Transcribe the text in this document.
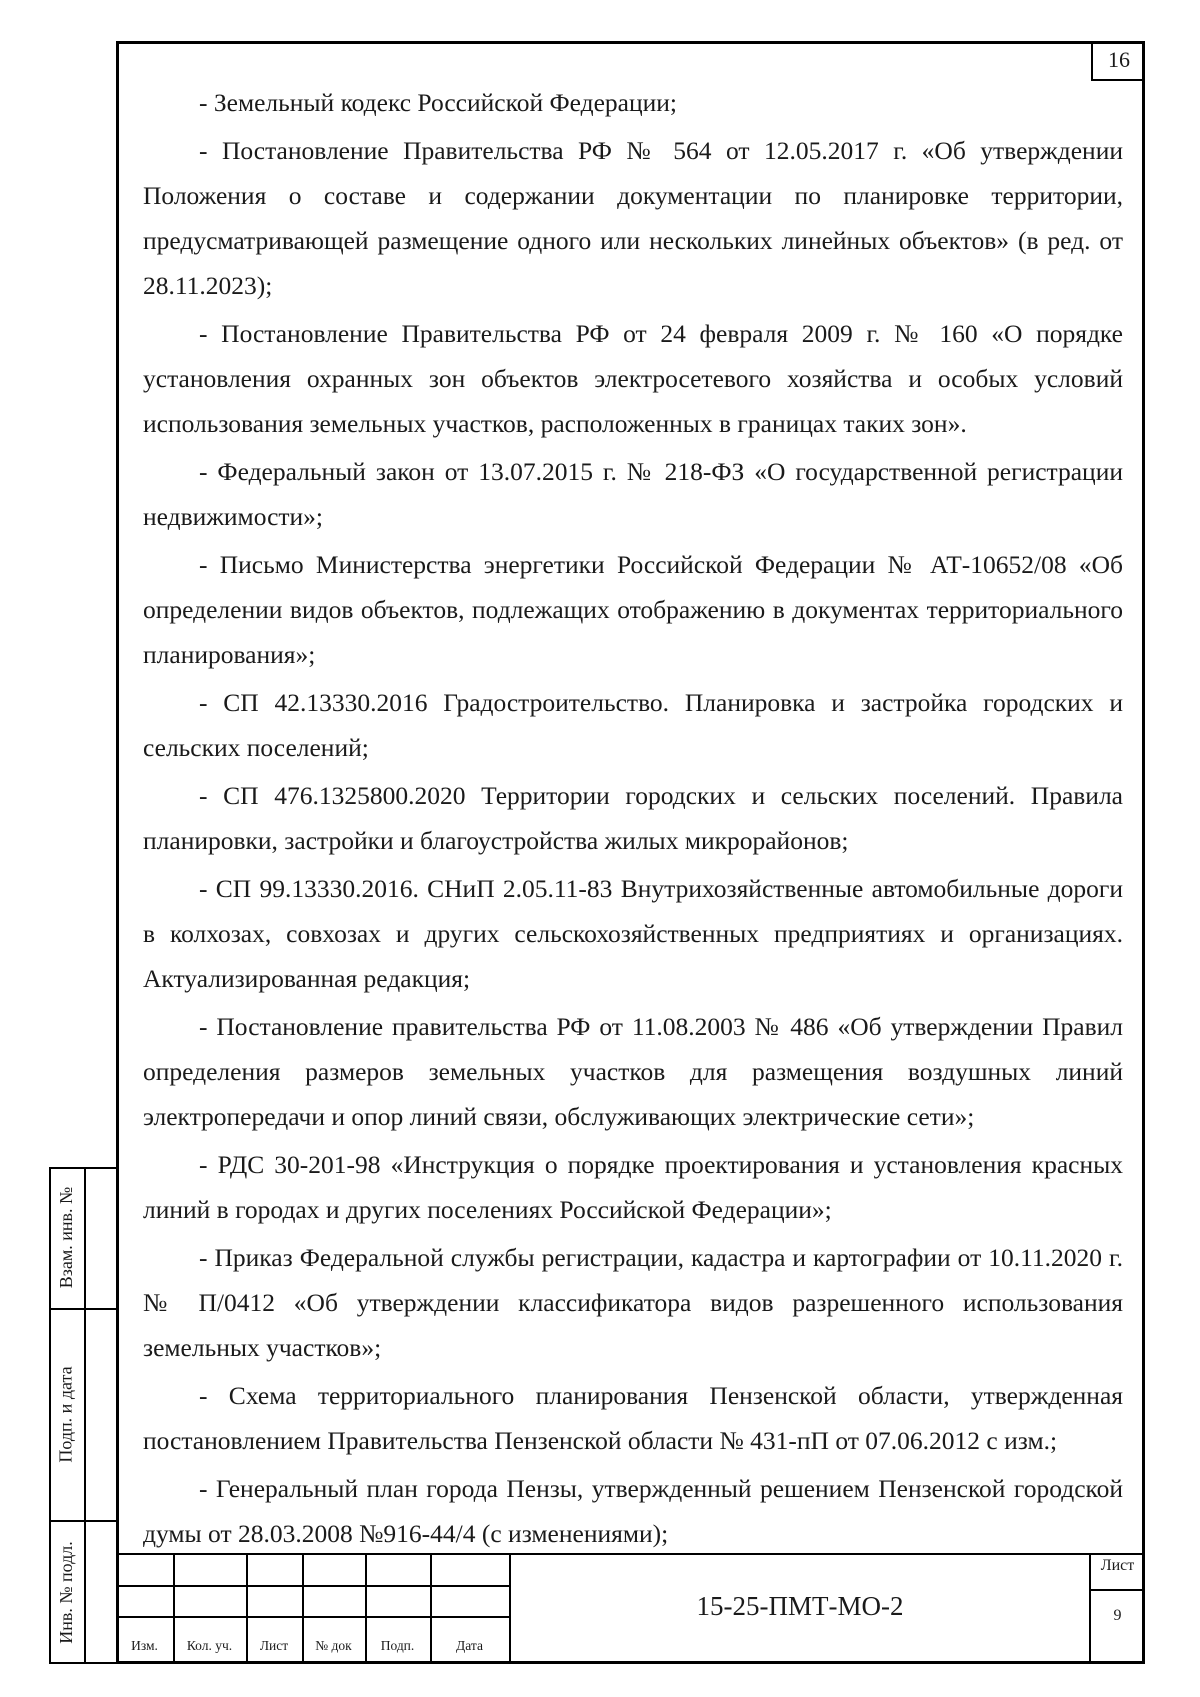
16

- Земельный кодекс Российской Федерации;

- Постановление Правительства РФ № 564 от 12.05.2017 г. «Об утверждении Положения о составе и содержании документации по планировке территории, предусматривающей размещение одного или нескольких линейных объектов» (в ред. от 28.11.2023);

- Постановление Правительства РФ от 24 февраля 2009 г. № 160 «О порядке установления охранных зон объектов электросетевого хозяйства и особых условий использования земельных участков, расположенных в границах таких зон».

- Федеральный закон от 13.07.2015 г. № 218-ФЗ «О государственной регистрации недвижимости»;

- Письмо Министерства энергетики Российской Федерации № АТ-10652/08 «Об определении видов объектов, подлежащих отображению в документах территориального планирования»;

- СП 42.13330.2016 Градостроительство. Планировка и застройка городских и сельских поселений;

- СП 476.1325800.2020 Территории городских и сельских поселений. Правила планировки, застройки и благоустройства жилых микрорайонов;

- СП 99.13330.2016. СНиП 2.05.11-83 Внутрихозяйственные автомобильные дороги в колхозах, совхозах и других сельскохозяйственных предприятиях и организациях. Актуализированная редакция;

- Постановление правительства РФ от 11.08.2003 № 486 «Об утверждении Правил определения размеров земельных участков для размещения воздушных линий электропередачи и опор линий связи, обслуживающих электрические сети»;

- РДС 30-201-98 «Инструкция о порядке проектирования и установления красных линий в городах и других поселениях Российской Федерации»;

- Приказ Федеральной службы регистрации, кадастра и картографии от 10.11.2020 г. № П/0412 «Об утверждении классификатора видов разрешенного использования земельных участков»;

- Схема территориального планирования Пензенской области, утвержденная постановлением Правительства Пензенской области № 431-пП от 07.06.2012 с изм.;

- Генеральный план города Пензы, утвержденный решением Пензенской городской думы от 28.03.2008 №916-44/4 (с изменениями);

Взам. инв. №
Подп. и дата
Инв. № подл.
Изм.	Кол. уч.	Лист	№ док	Подп.	Дата
15-25-ПМТ-МО-2
Лист
9
